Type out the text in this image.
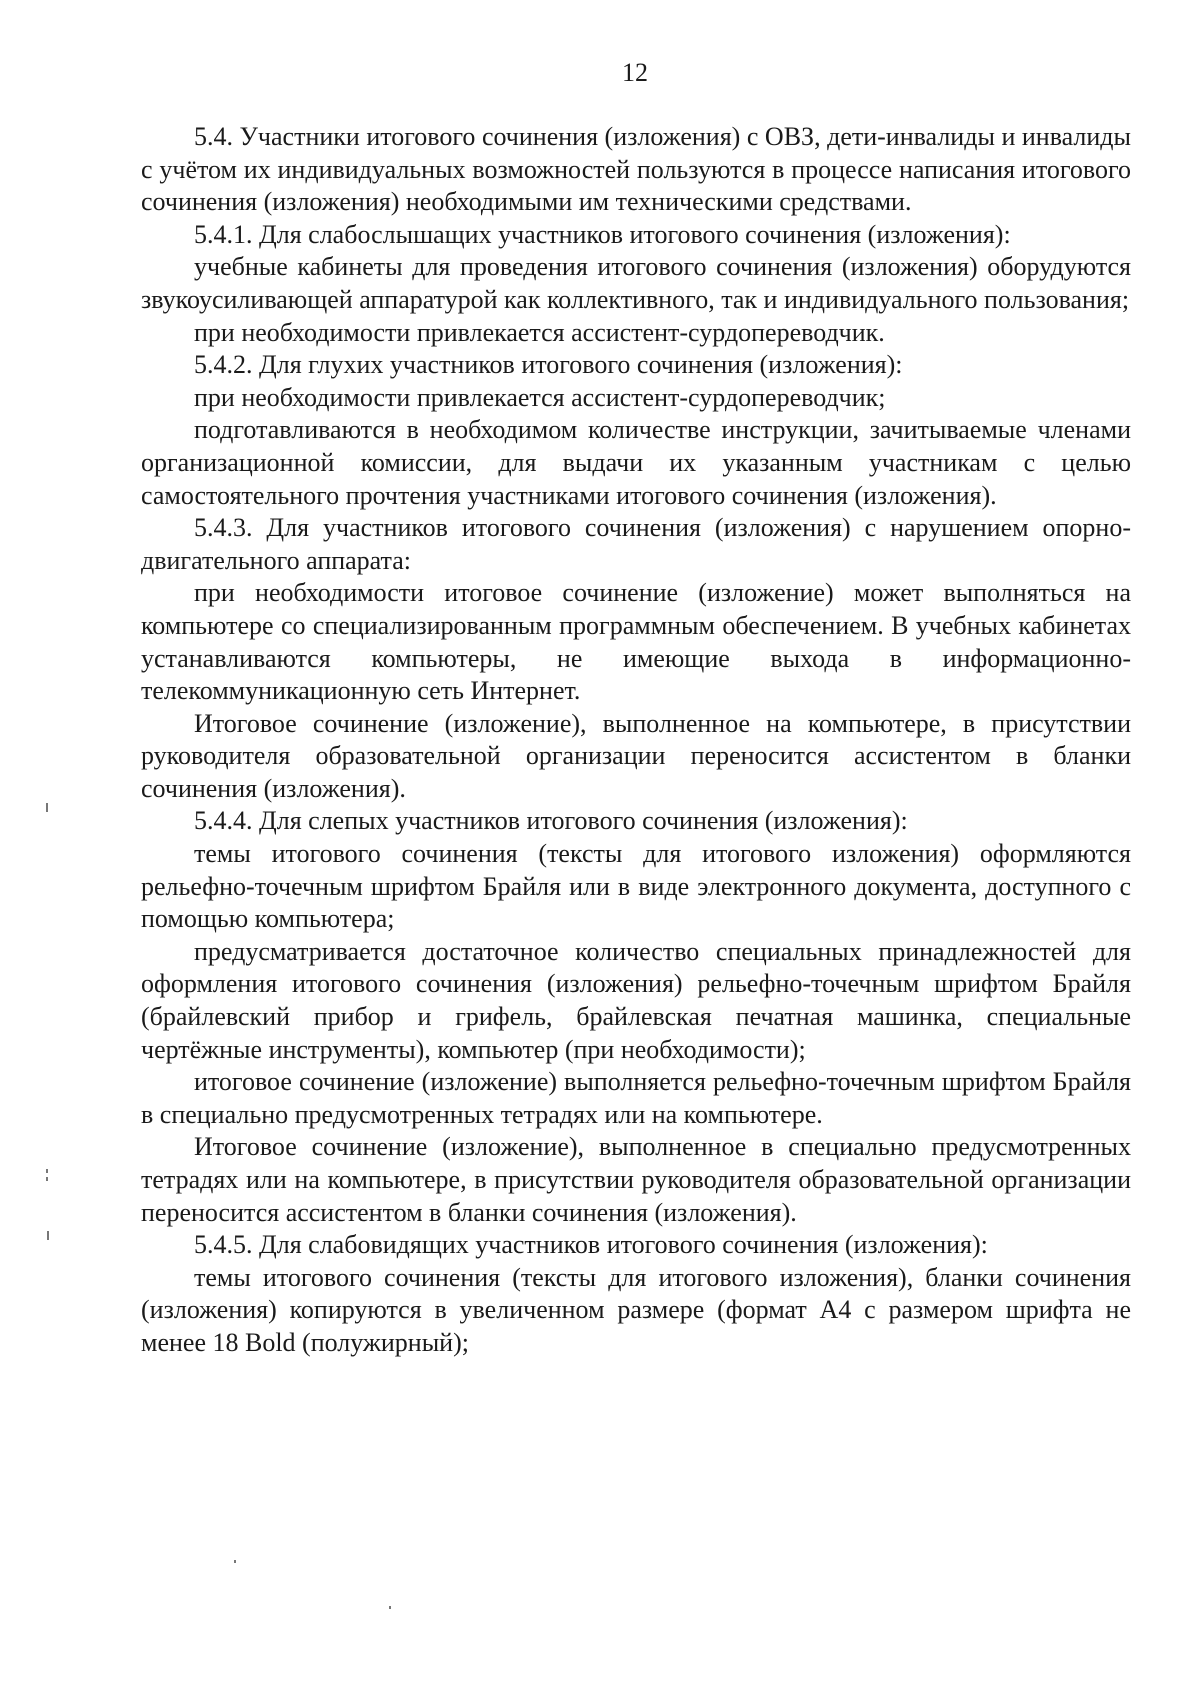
12

5.4. Участники итогового сочинения (изложения) с ОВЗ, дети-инвалиды и инвалиды с учётом их индивидуальных возможностей пользуются в процессе написания итогового сочинения (изложения) необходимыми им техническими средствами.

5.4.1. Для слабослышащих участников итогового сочинения (изложения):

учебные кабинеты для проведения итогового сочинения (изложения) оборудуются звукоусиливающей аппаратурой как коллективного, так и индивидуального пользования;

при необходимости привлекается ассистент-сурдопереводчик.

5.4.2. Для глухих участников итогового сочинения (изложения):

при необходимости привлекается ассистент-сурдопереводчик;

подготавливаются в необходимом количестве инструкции, зачитываемые членами организационной комиссии, для выдачи их указанным участникам с целью самостоятельного прочтения участниками итогового сочинения (изложения).

5.4.3. Для участников итогового сочинения (изложения) с нарушением опорно-двигательного аппарата:

при необходимости итоговое сочинение (изложение) может выполняться на компьютере со специализированным программным обеспечением. В учебных кабинетах устанавливаются компьютеры, не имеющие выхода в информационно-телекоммуникационную сеть Интернет.

Итоговое сочинение (изложение), выполненное на компьютере, в присутствии руководителя образовательной организации переносится ассистентом в бланки сочинения (изложения).

5.4.4. Для слепых участников итогового сочинения (изложения):

темы итогового сочинения (тексты для итогового изложения) оформляются рельефно-точечным шрифтом Брайля или в виде электронного документа, доступного с помощью компьютера;

предусматривается достаточное количество специальных принадлежностей для оформления итогового сочинения (изложения) рельефно-точечным шрифтом Брайля (брайлевский прибор и грифель, брайлевская печатная машинка, специальные чертёжные инструменты), компьютер (при необходимости);

итоговое сочинение (изложение) выполняется рельефно-точечным шрифтом Брайля в специально предусмотренных тетрадях или на компьютере.

Итоговое сочинение (изложение), выполненное в специально предусмотренных тетрадях или на компьютере, в присутствии руководителя образовательной организации переносится ассистентом в бланки сочинения (изложения).

5.4.5. Для слабовидящих участников итогового сочинения (изложения):

темы итогового сочинения (тексты для итогового изложения), бланки сочинения (изложения) копируются в увеличенном размере (формат А4 с размером шрифта не менее 18 Bold (полужирный);
